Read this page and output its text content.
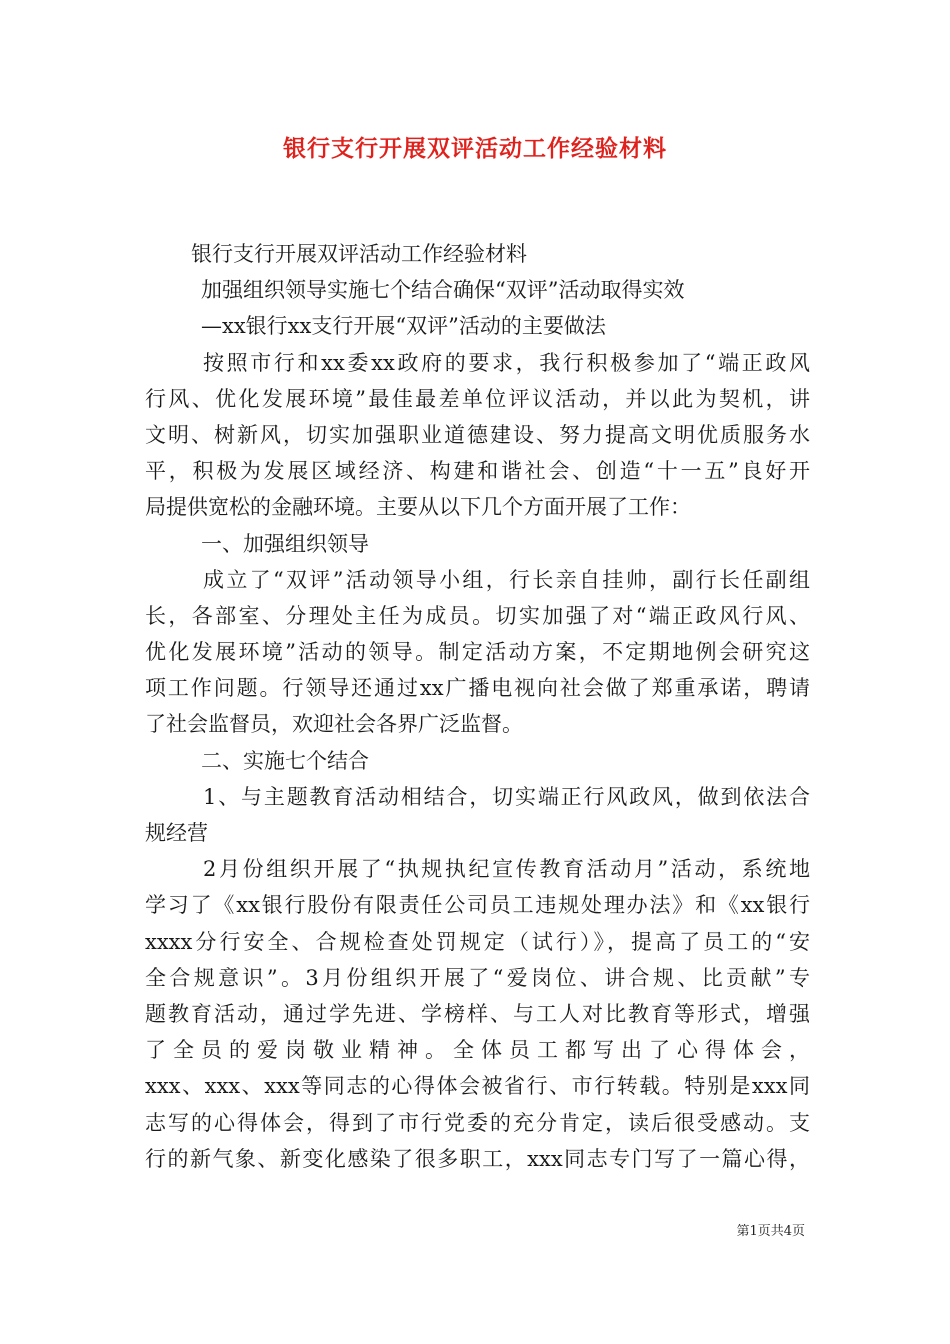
银行支行开展双评活动工作经验材料
银行支行开展双评活动工作经验材料
加强组织领导实施七个结合确保“双评”活动取得实效
—xx银行xx支行开展“双评”活动的主要做法
按照市行和xx委xx政府的要求，我行积极参加了“端正政风
行风、优化发展环境”最佳最差单位评议活动，并以此为契机，讲
文明、树新风，切实加强职业道德建设、努力提高文明优质服务水
平，积极为发展区域经济、构建和谐社会、创造“十一五”良好开
局提供宽松的金融环境。主要从以下几个方面开展了工作：
一、加强组织领导
成立了“双评”活动领导小组，行长亲自挂帅，副行长任副组
长，各部室、分理处主任为成员。切实加强了对“端正政风行风、
优化发展环境”活动的领导。制定活动方案，不定期地例会研究这
项工作问题。行领导还通过xx广播电视向社会做了郑重承诺，聘请
了社会监督员，欢迎社会各界广泛监督。
二、实施七个结合
1、与主题教育活动相结合，切实端正行风政风，做到依法合
规经营
2月份组织开展了“执规执纪宣传教育活动月”活动，系统地
学习了《xx银行股份有限责任公司员工违规处理办法》和《xx银行
xxxx分行安全、合规检查处罚规定（试行）》，提高了员工的“安
全合规意识”。3月份组织开展了“爱岗位、讲合规、比贡献”专
题教育活动，通过学先进、学榜样、与工人对比教育等形式，增强
了全员的爱岗敬业精神。全体员工都写出了心得体会，
xxx、xxx、xxx等同志的心得体会被省行、市行转载。特别是xxx同
志写的心得体会，得到了市行党委的充分肯定，读后很受感动。支
行的新气象、新变化感染了很多职工，xxx同志专门写了一篇心得，
第1页共4页
